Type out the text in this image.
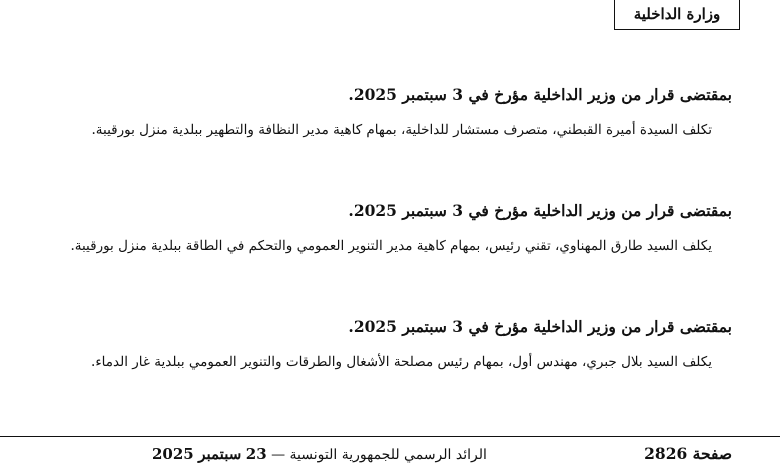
وزارة الداخلية
بمقتضى قرار من وزير الداخلية مؤرخ في 3 سبتمبر 2025.
تكلف السيدة أميرة القبطني، متصرف مستشار للداخلية، بمهام كاهية مدير النظافة والتطهير ببلدية منزل بورقيبة.
بمقتضى قرار من وزير الداخلية مؤرخ في 3 سبتمبر 2025.
يكلف السيد طارق المهناوي، تقني رئيس، بمهام كاهية مدير التنوير العمومي والتحكم في الطاقة ببلدية منزل بورقيبة.
بمقتضى قرار من وزير الداخلية مؤرخ في 3 سبتمبر 2025.
يكلف السيد بلال جبري، مهندس أول، بمهام رئيس مصلحة الأشغال والطرقات والتنوير العمومي ببلدية غار الدماء.
صفحة 2826
الرائد الرسمي للجمهورية التونسية — 23 سبتمبر 2025
